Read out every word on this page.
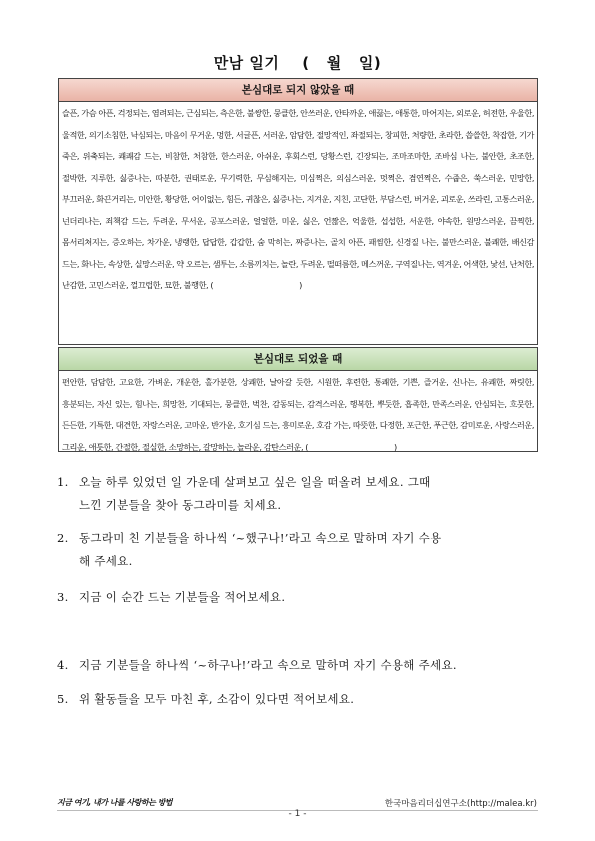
만남 일기    (   월   일)
본심대로 되지 않았을 때
슬픈, 가슴 아픈, 걱정되는, 염려되는, 근심되는, 측은한, 불쌍한, 뭉클한, 안쓰러운, 안타까운, 애끓는, 애통한, 마어지는, 외로운, 허전한, 우울한, 울적한, 의기소침한, 낙심되는, 마음이 무거운, 멍한, 서글픈, 서러운, 암담한, 절망적인, 좌절되는, 창피한, 처량한, 초라한, 씁쓸한, 착잡한, 기가 죽은, 위축되는, 쾌쾌감 드는, 비참한, 처참한, 한스러운, 아쉬운, 후회스런, 당황스런, 긴장되는, 조마조마한, 조바심 나는, 불안한, 초조한, 절박한, 지루한, 싫증나는, 따분한, 권태로운, 무기력한, 무심해지는, 미심쩍은, 의심스러운, 멋쩍은, 겸연쩍은, 수줍은, 쑥스러운, 민망한, 부끄러운, 화끈거리는, 미안한, 황당한, 어이없는, 힘든, 귀찮은, 싫증나는, 지겨운, 지친, 고단한, 부담스런, 버거운, 괴로운, 쓰라린, 고통스러운, 넌더리나는, 죄책감 드는, 두려운, 무서운, 공포스러운, 얼얼한, 미운, 싫은, 언짢은, 억울한, 섭섭한, 서운한, 야속한, 원망스러운, 끔찍한, 몸서리쳐지는, 증오하는, 차가운, 냉랭한, 답답한, 갑갑한, 숨 막히는, 짜증나는, 골치 아픈, 패씸한, 신경질 나는, 불만스러운, 불쾌한, 배신감 드는, 화나는, 속상한, 실망스러운, 약 오르는, 샘투는, 소름끼치는, 놀란, 두려운, 떨떠름한, 메스꺼운, 구역질나는, 역겨운, 어색한, 낯선, 난처한, 난감한, 고민스러운, 껄끄럽한, 묘한, 불행한, (	)
본심대로 되었을 때
편안한, 담담한, 고요한, 가벼운, 개운한, 홀가분한, 상쾌한, 날아갈 듯한, 시원한, 후련한, 통쾌한, 기쁜, 즐거운, 신나는, 유쾌한, 짜릿한, 흥분되는, 자신 있는, 힘나는, 희망찬, 기대되는, 뭉클한, 벅찬, 감동되는, 감격스러운, 행복한, 뿌듯한, 흡족한, 만족스러운, 안심되는, 흐뭇한, 든든한, 기특한, 대견한, 자랑스러운, 고마운, 반가운, 호기심 드는, 흥미로운, 호감 가는, 따뜻한, 다정한, 포근한, 푸근한, 감미로운, 사랑스러운, 그리운, 애틋한, 간절한, 절실한, 소망하는, 갈망하는, 놀라운, 감탄스러운, (	)
1. 오늘 하루 있었던 일 가운데 살펴보고 싶은 일을 떠올려 보세요. 그때
느낀 기분들을 찾아 동그라미를 치세요.
2. 동그라미 친 기분들을 하나씩 ‘~했구나!’라고 속으로 말하며 자기 수용
해 주세요.
3. 지금 이 순간 드는 기분들을 적어보세요.
4. 지금 기분들을 하나씩 ‘~하구나!’라고 속으로 말하며 자기 수용해 주세요.
5. 위 활동들을 모두 마친 후, 소감이 있다면 적어보세요.
지금 여기, 내가 나를 사랑하는 방법	한국마음리더십연구소(http://malea.kr)
- 1 -
